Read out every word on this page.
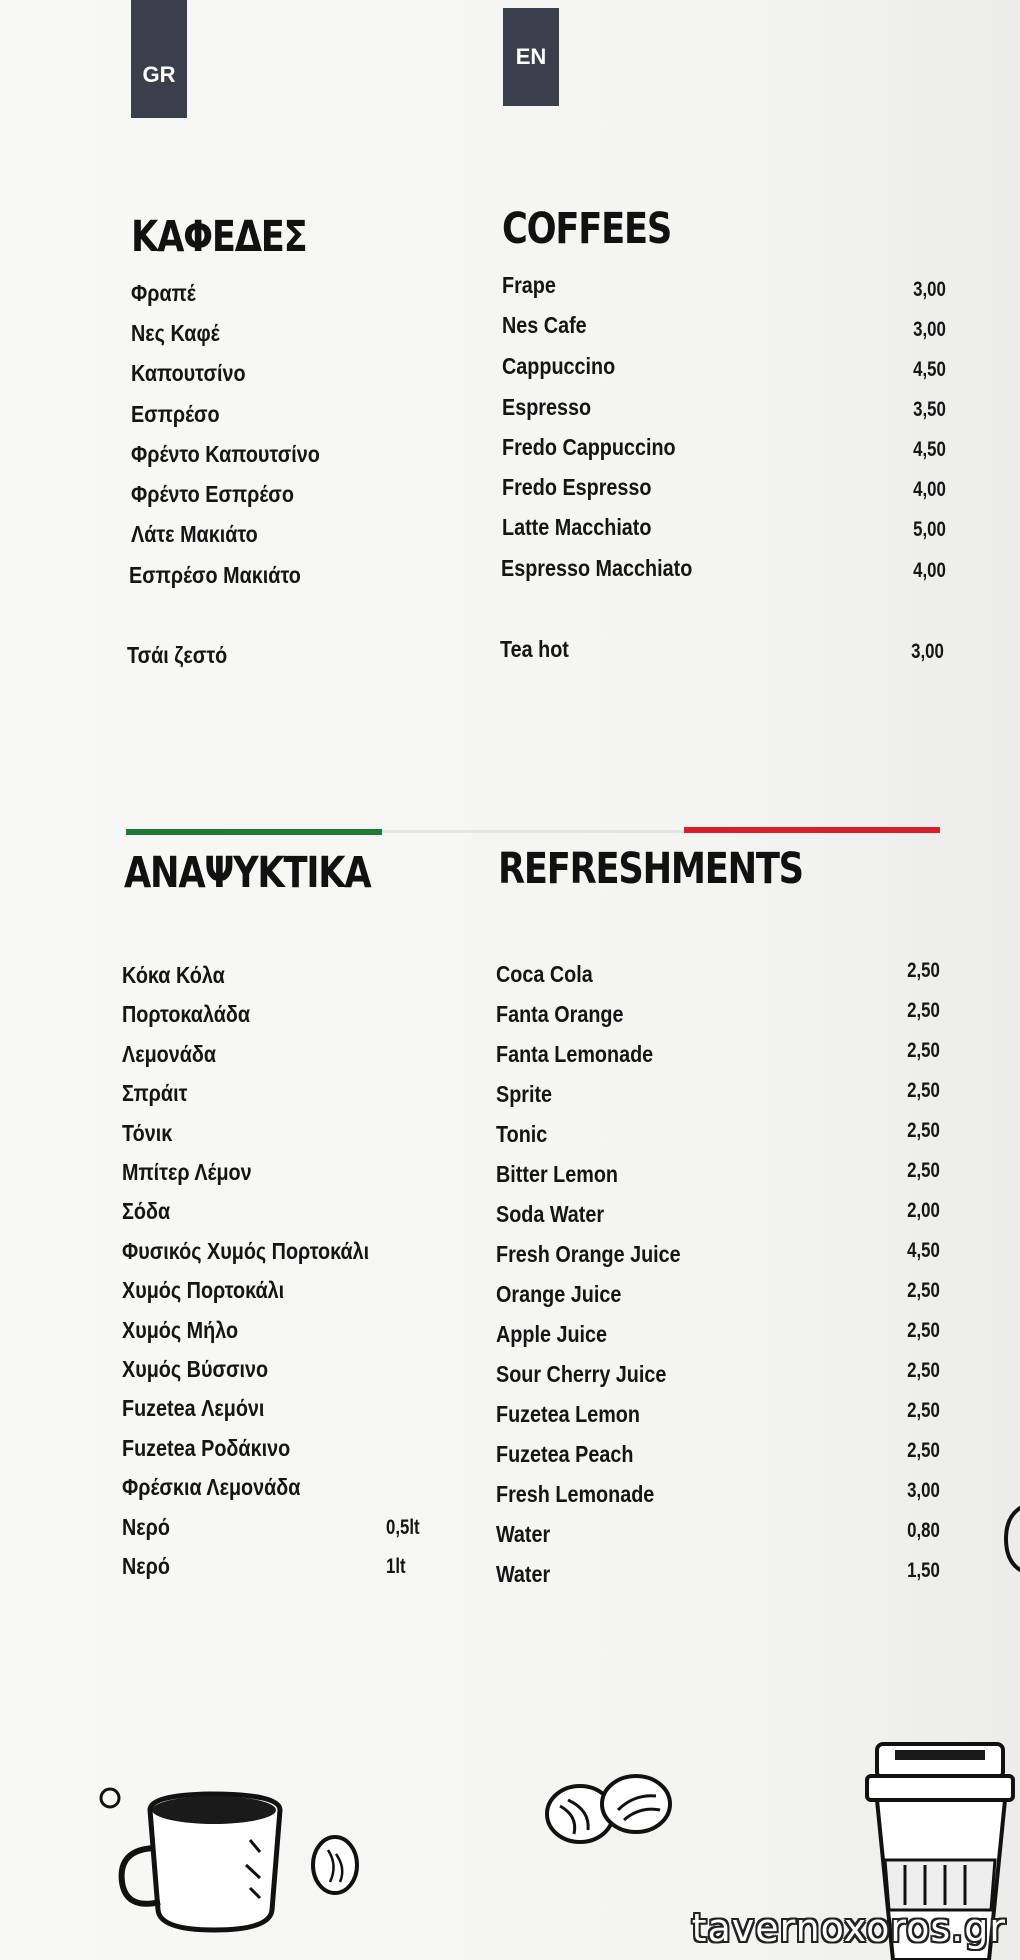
GR
EN
ΚΑΦΕΔΕΣ	COFFEES
Φραπέ	Frape	3,00
Νες Καφέ	Nes Cafe	3,00
Καπουτσίνο	Cappuccino	4,50
Εσπρέσο	Espresso	3,50
Φρέντο Καπουτσίνο	Fredo Cappuccino	4,50
Φρέντο Εσπρέσο	Fredo Espresso	4,00
Λάτε Μακιάτο	Latte Macchiato	5,00
Εσπρέσο Μακιάτο	Espresso Macchiato	4,00
Τσάι ζεστό	Tea hot	3,00
ΑΝΑΨΥΚΤΙΚΑ	REFRESHMENTS
Κόκα Κόλα	Coca Cola	2,50
Πορτοκαλάδα	Fanta Orange	2,50
Λεμονάδα	Fanta Lemonade	2,50
Σπράιτ	Sprite	2,50
Τόνικ	Tonic	2,50
Μπίτερ Λέμον	Bitter Lemon	2,50
Σόδα	Soda Water	2,00
Φυσικός Χυμός Πορτοκάλι	Fresh Orange Juice	4,50
Χυμός Πορτοκάλι	Orange Juice	2,50
Χυμός Μήλο	Apple Juice	2,50
Χυμός Βύσσινο	Sour Cherry Juice	2,50
Fuzetea Λεμόνι	Fuzetea Lemon	2,50
Fuzetea Ροδάκινο	Fuzetea Peach	2,50
Φρέσκια Λεμονάδα	Fresh Lemonade	3,00
Νερό	0,5lt	Water	0,80
Νερό	1lt	Water	1,50
tavernoxoros.gr
